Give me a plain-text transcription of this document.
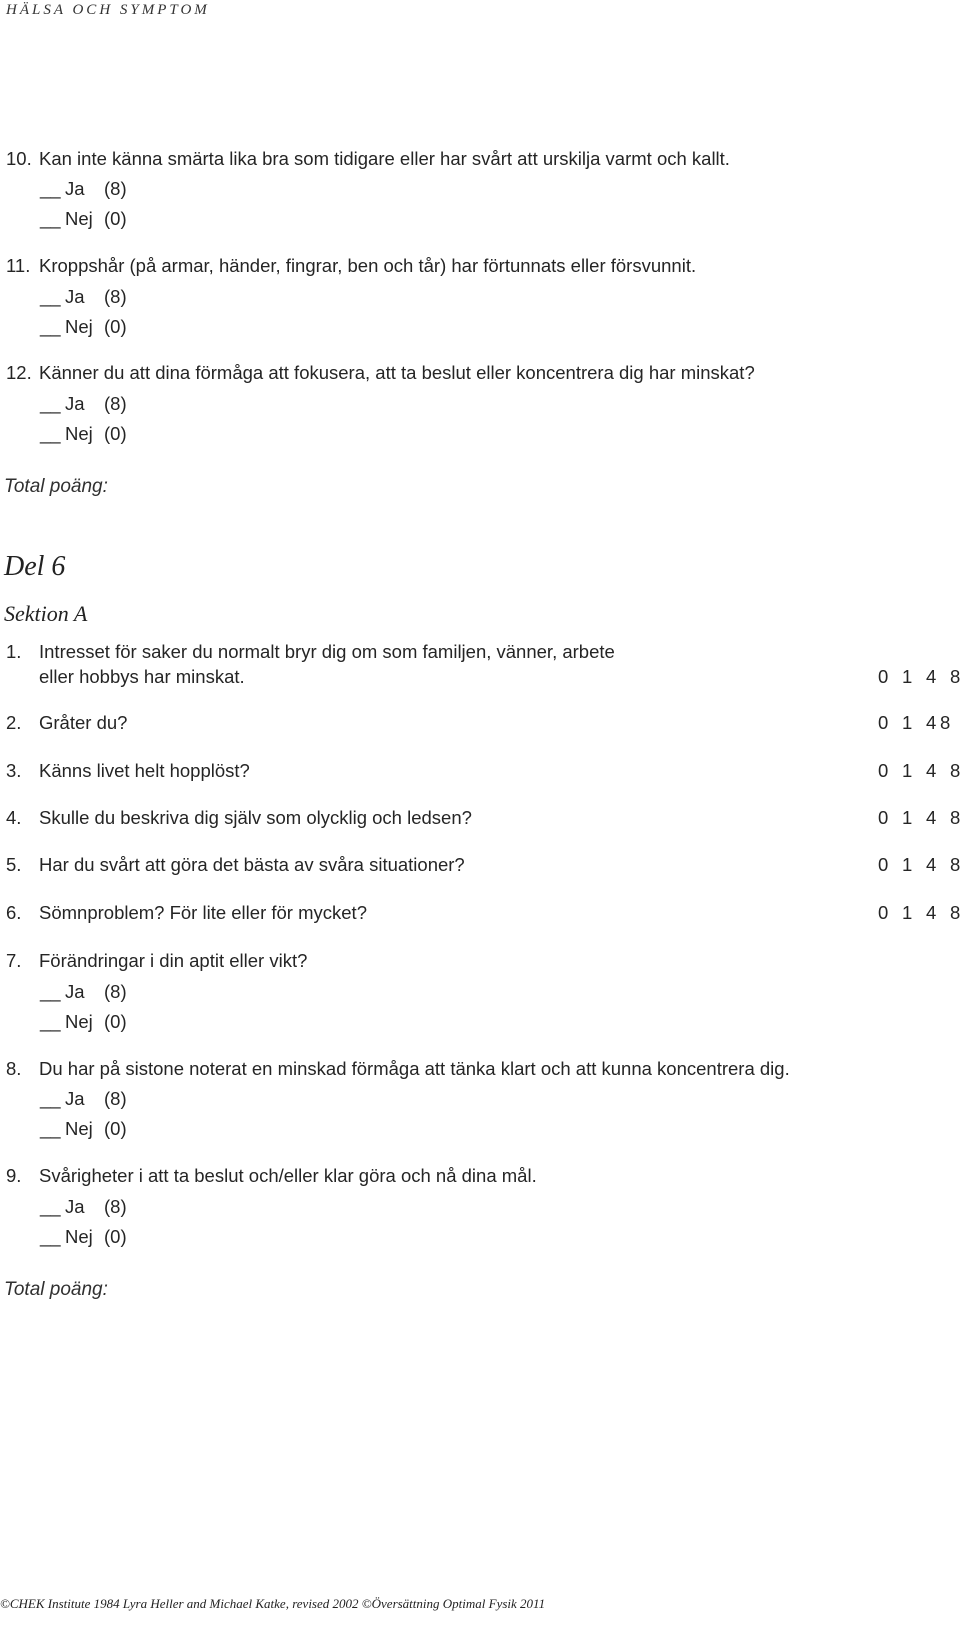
HÄLSA OCH SYMPTOM
10. Kan inte känna smärta lika bra som tidigare eller har svårt att urskilja varmt och kallt.
__ Ja (8)
__ Nej (0)
11. Kroppshår (på armar, händer, fingrar, ben och tår) har förtunnats eller försvunnit.
__ Ja (8)
__ Nej (0)
12. Känner du att dina förmåga att fokusera, att ta beslut eller koncentrera dig har minskat?
__ Ja (8)
__ Nej (0)
Total poäng:
Del 6
Sektion A
1. Intresset för saker du normalt bryr dig om som familjen, vänner, arbete
eller hobbys har minskat.	0 1 4 8
2. Gråter du?	0 1 4 8
3. Känns livet helt hopplöst?	0 1 4 8
4. Skulle du beskriva dig själv som olycklig och ledsen?	0 1 4 8
5. Har du svårt att göra det bästa av svåra situationer?	0 1 4 8
6. Sömnproblem? För lite eller för mycket?	0 1 4 8
7. Förändringar i din aptit eller vikt?
__ Ja (8)
__ Nej (0)
8. Du har på sistone noterat en minskad förmåga att tänka klart och att kunna koncentrera dig.
__ Ja (8)
__ Nej (0)
9. Svårigheter i att ta beslut och/eller klar göra och nå dina mål.
__ Ja (8)
__ Nej (0)
Total poäng:
©CHEK Institute 1984 Lyra Heller and Michael Katke, revised 2002 ©Översättning Optimal Fysik 2011
